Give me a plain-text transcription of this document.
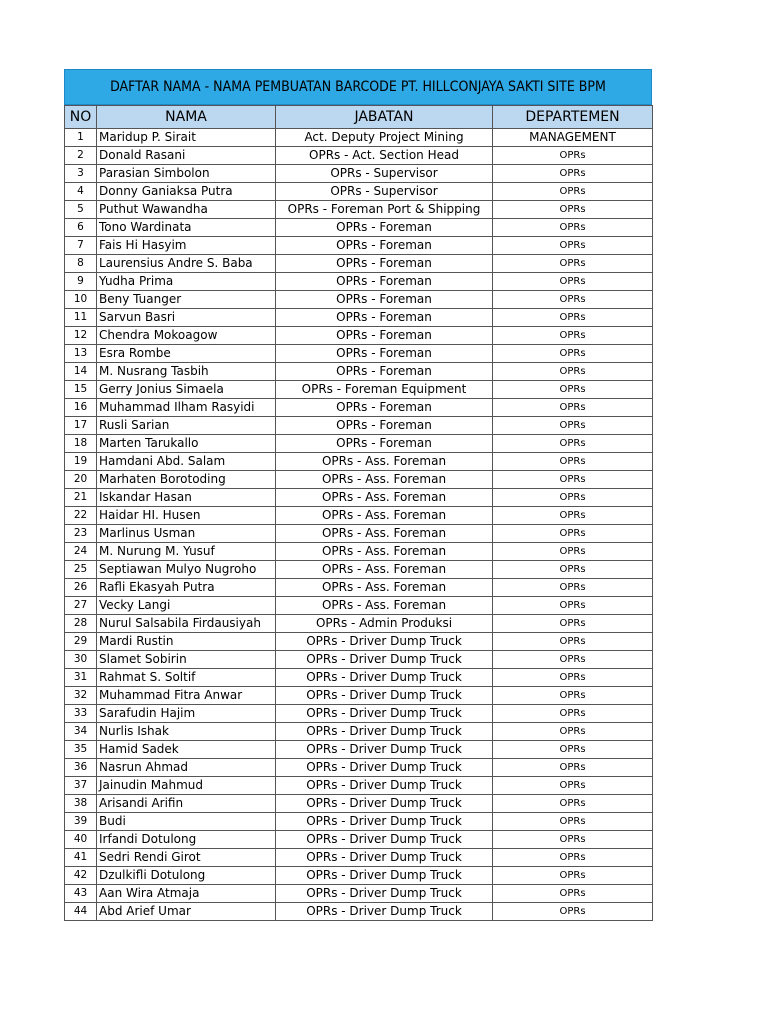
DAFTAR NAMA - NAMA PEMBUATAN BARCODE PT. HILLCONJAYA SAKTI SITE BPM
NO	NAMA	JABATAN	DEPARTEMEN
1	Maridup P. Sirait	Act. Deputy Project Mining	MANAGEMENT
2	Donald Rasani	OPRs - Act. Section Head	OPRs
3	Parasian Simbolon	OPRs - Supervisor	OPRs
4	Donny Ganiaksa Putra	OPRs - Supervisor	OPRs
5	Puthut Wawandha	OPRs - Foreman Port & Shipping	OPRs
6	Tono Wardinata	OPRs - Foreman	OPRs
7	Fais Hi Hasyim	OPRs - Foreman	OPRs
8	Laurensius Andre S. Baba	OPRs - Foreman	OPRs
9	Yudha Prima	OPRs - Foreman	OPRs
10	Beny Tuanger	OPRs - Foreman	OPRs
11	Sarvun Basri	OPRs - Foreman	OPRs
12	Chendra Mokoagow	OPRs - Foreman	OPRs
13	Esra Rombe	OPRs - Foreman	OPRs
14	M. Nusrang Tasbih	OPRs - Foreman	OPRs
15	Gerry Jonius Simaela	OPRs - Foreman Equipment	OPRs
16	Muhammad Ilham Rasyidi	OPRs - Foreman	OPRs
17	Rusli Sarian	OPRs - Foreman	OPRs
18	Marten Tarukallo	OPRs - Foreman	OPRs
19	Hamdani Abd. Salam	OPRs - Ass. Foreman	OPRs
20	Marhaten Borotoding	OPRs - Ass. Foreman	OPRs
21	Iskandar Hasan	OPRs - Ass. Foreman	OPRs
22	Haidar HI. Husen	OPRs - Ass. Foreman	OPRs
23	Marlinus Usman	OPRs - Ass. Foreman	OPRs
24	M. Nurung M. Yusuf	OPRs - Ass. Foreman	OPRs
25	Septiawan Mulyo Nugroho	OPRs - Ass. Foreman	OPRs
26	Rafli Ekasyah Putra	OPRs - Ass. Foreman	OPRs
27	Vecky Langi	OPRs - Ass. Foreman	OPRs
28	Nurul Salsabila Firdausiyah	OPRs - Admin Produksi	OPRs
29	Mardi Rustin	OPRs - Driver Dump Truck	OPRs
30	Slamet Sobirin	OPRs - Driver Dump Truck	OPRs
31	Rahmat S. Soltif	OPRs - Driver Dump Truck	OPRs
32	Muhammad Fitra Anwar	OPRs - Driver Dump Truck	OPRs
33	Sarafudin Hajim	OPRs - Driver Dump Truck	OPRs
34	Nurlis Ishak	OPRs - Driver Dump Truck	OPRs
35	Hamid Sadek	OPRs - Driver Dump Truck	OPRs
36	Nasrun Ahmad	OPRs - Driver Dump Truck	OPRs
37	Jainudin Mahmud	OPRs - Driver Dump Truck	OPRs
38	Arisandi Arifin	OPRs - Driver Dump Truck	OPRs
39	Budi	OPRs - Driver Dump Truck	OPRs
40	Irfandi Dotulong	OPRs - Driver Dump Truck	OPRs
41	Sedri Rendi Girot	OPRs - Driver Dump Truck	OPRs
42	Dzulkifli Dotulong	OPRs - Driver Dump Truck	OPRs
43	Aan Wira Atmaja	OPRs - Driver Dump Truck	OPRs
44	Abd Arief Umar	OPRs - Driver Dump Truck	OPRs
